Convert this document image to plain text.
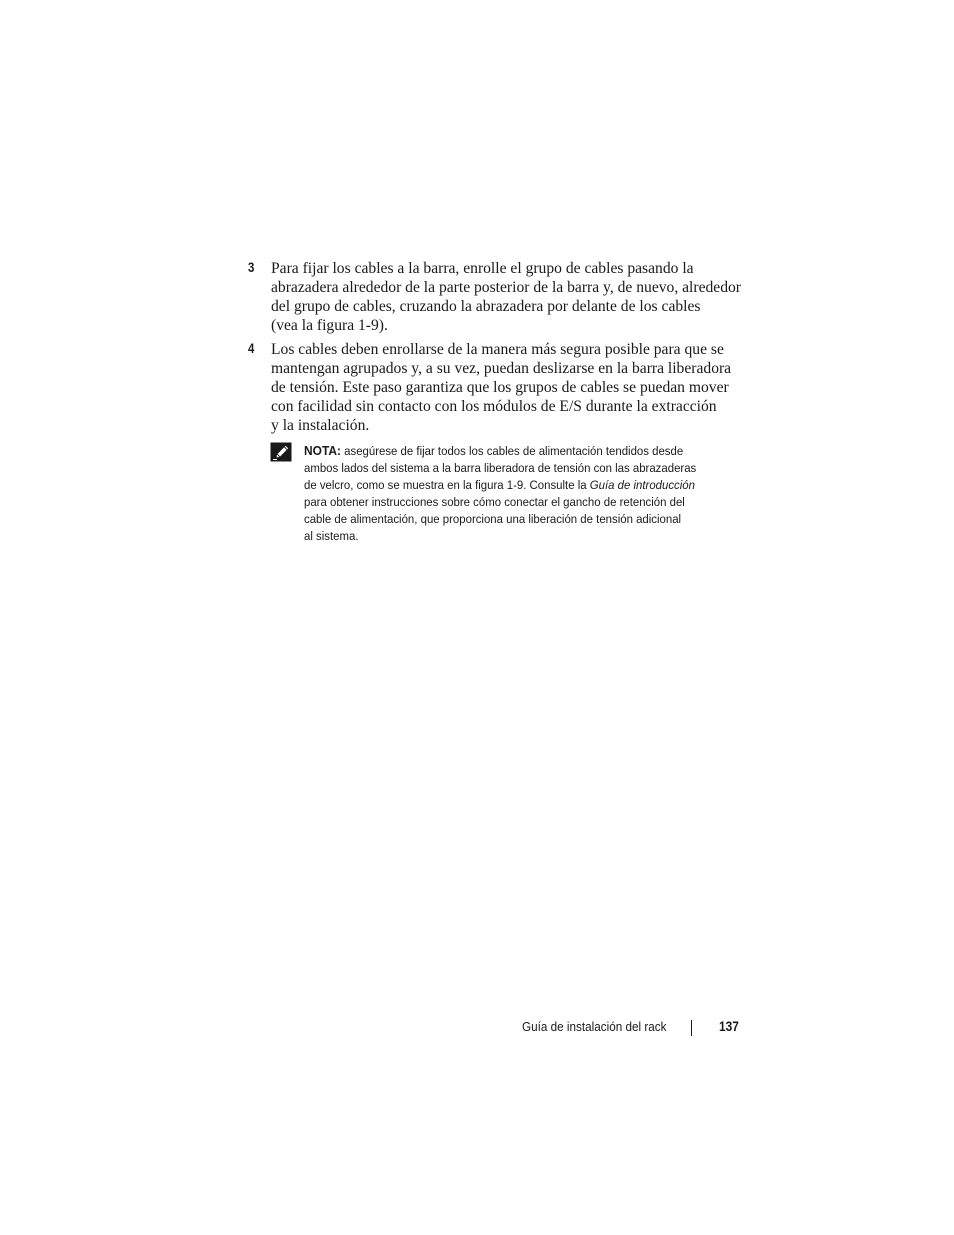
3 Para fijar los cables a la barra, enrolle el grupo de cables pasando la
abrazadera alrededor de la parte posterior de la barra y, de nuevo, alrededor
del grupo de cables, cruzando la abrazadera por delante de los cables
(vea la figura 1-9).
4 Los cables deben enrollarse de la manera más segura posible para que se
mantengan agrupados y, a su vez, puedan deslizarse en la barra liberadora
de tensión. Este paso garantiza que los grupos de cables se puedan mover
con facilidad sin contacto con los módulos de E/S durante la extracción
y la instalación.
NOTA: asegúrese de fijar todos los cables de alimentación tendidos desde
ambos lados del sistema a la barra liberadora de tensión con las abrazaderas
de velcro, como se muestra en la figura 1-9. Consulte la Guía de introducción
para obtener instrucciones sobre cómo conectar el gancho de retención del
cable de alimentación, que proporciona una liberación de tensión adicional
al sistema.
Guía de instalación del rack	137
